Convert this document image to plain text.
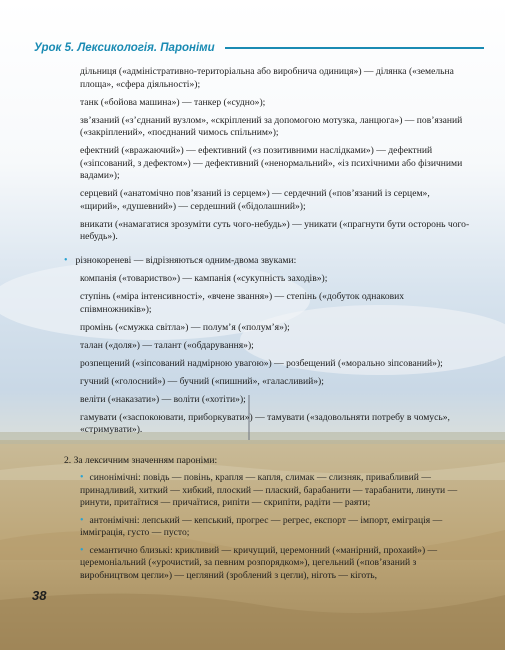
Урок 5. Лексикологія. Пароніми

дільниця («адміністративно-територіальна або виробнича одиниця») — ділянка («земельна площа», «сфера діяльності»);

танк («бойова машина») — танкер («судно»);

зв’язаний («з’єднаний вузлом», «скріплений за допомогою мотузка, ланцюга») — пов’язаний («закріплений», «поєднаний чимось спільним»);

ефектний («вражаючий») — ефективний («з позитивними наслідками») — дефектний («зіпсований, з дефектом») — дефективний («ненормальний», «із психічними або фізичними вадами»);

серцевий («анатомічно пов’язаний із серцем») — сердечний («пов’язаний із серцем», «щирий», «душевний») — сердешний («бідолашний»);

вникати («намагатися зрозуміти суть чого-небудь») — уникати («прагнути бути осторонь чого-небудь»).

• різнокореневі — відрізняються одним-двома звуками:

компанія («товариство») — кампанія («сукупність заходів»);

ступінь («міра інтенсивності», «вчене звання») — степінь («добуток однакових співмножників»);

промінь («смужка світла») — полум’я («полум’я»);

талан («доля») — талант («обдарування»);

розпещений («зіпсований надмірною увагою») — розбещений («морально зіпсований»);

гучний («голосний») — бучний («пишний», «галасливий»);

веліти («наказати») — воліти («хотіти»);

гамувати («заспокоювати, приборкувати») — тамувати («задовольняти потребу в чомусь», «стримувати»).

2. За лексичним значенням пароніми:

• синонімічні: повідь — повінь, крапля — капля, слимак — слизняк, привабливий — принадливий, хиткий — хибкий, плоский — плаский, барабанити — тарабанити, линути — ринути, притаїтися — причаїтися, рипіти — скрипіти, радіти — раяти;

• антонімічні: лепський — кепський, прогрес — регрес, експорт — імпорт, еміграція — імміграція, густо — пусто;

• семантично близькі: крикливий — кричущий, церемонний («манірний, прохаий») — церемоніальний («урочистий, за певним розпорядком»), цегельний («пов’язаний з виробництвом цегли») — цегляний (зроблений з цегли), ніготь — кіготь,

38
